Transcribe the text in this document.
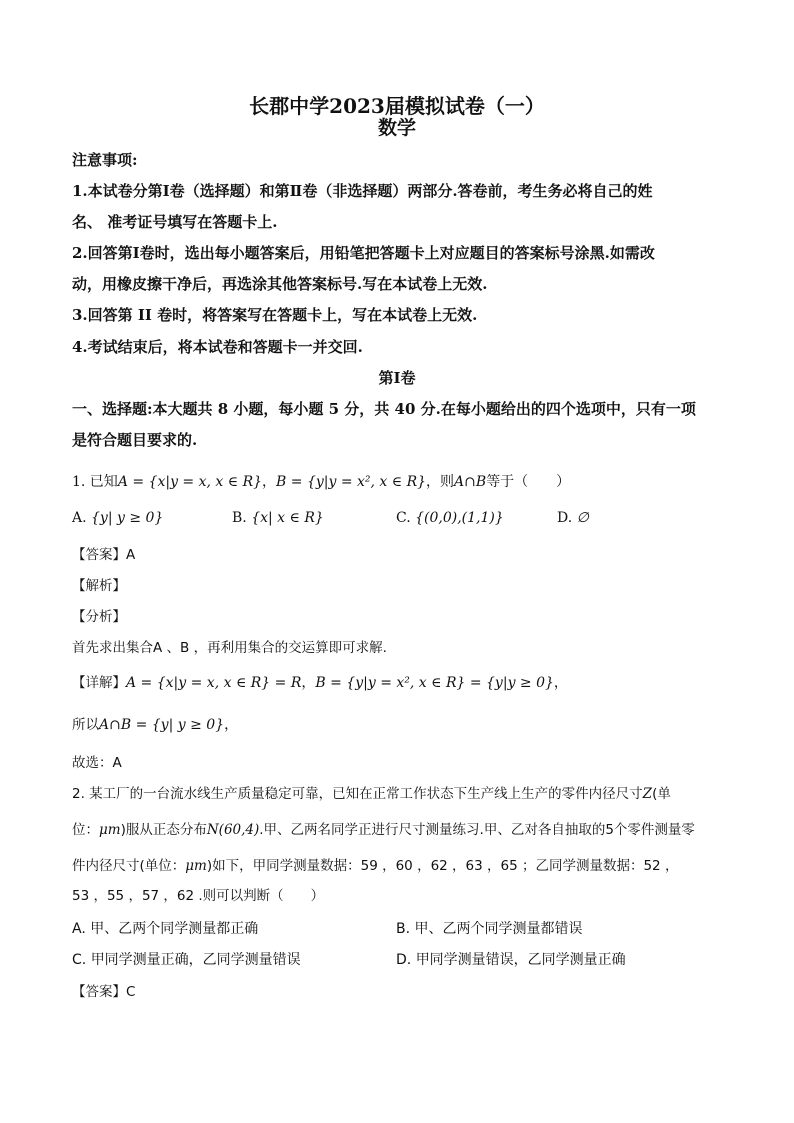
长郡中学2023届模拟试卷（一）
数学
注意事项:
1.本试卷分第Ⅰ卷（选择题）和第Ⅱ卷（非选择题）两部分.答卷前，考生务必将自己的姓
名、 准考证号填写在答题卡上.
2.回答第Ⅰ卷时，选出每小题答案后，用铅笔把答题卡上对应题目的答案标号涂黑.如需改
动，用橡皮擦干净后，再选涂其他答案标号.写在本试卷上无效.
3.回答第 II 卷时，将答案写在答题卡上，写在本试卷上无效.
4.考试结束后，将本试卷和答题卡一并交回.
第Ⅰ卷
一、选择题:本大题共 8 小题，每小题 5 分，共 40 分.在每小题给出的四个选项中，只有一项
是符合题目要求的.
1. 已知A = {x|y = x, x ∈ R}，B = {y|y = x², x ∈ R}，则A∩B等于（　　）
A. {y| y ≥ 0}	B. {x| x ∈ R}	C. {(0,0),(1,1)}	D. ∅
【答案】A
【解析】
【分析】
首先求出集合A 、B ，再利用集合的交运算即可求解.
【详解】A = {x|y = x, x ∈ R} = R，B = {y|y = x², x ∈ R} = {y|y ≥ 0}，
所以A∩B = {y| y ≥ 0}，
故选：A
2. 某工厂的一台流水线生产质量稳定可靠，已知在正常工作状态下生产线上生产的零件内径尺寸Z(单
位：μm)服从正态分布N(60,4).甲、乙两名同学正进行尺寸测量练习.甲、乙对各自抽取的5个零件测量零
件内径尺寸(单位：μm)如下，甲同学测量数据：59 ，60 ，62 ，63 ，65 ；乙同学测量数据：52 ，
53 ，55 ，57 ，62 .则可以判断（　　）
A. 甲、乙两个同学测量都正确	B. 甲、乙两个同学测量都错误
C. 甲同学测量正确，乙同学测量错误	D. 甲同学测量错误，乙同学测量正确
【答案】C
